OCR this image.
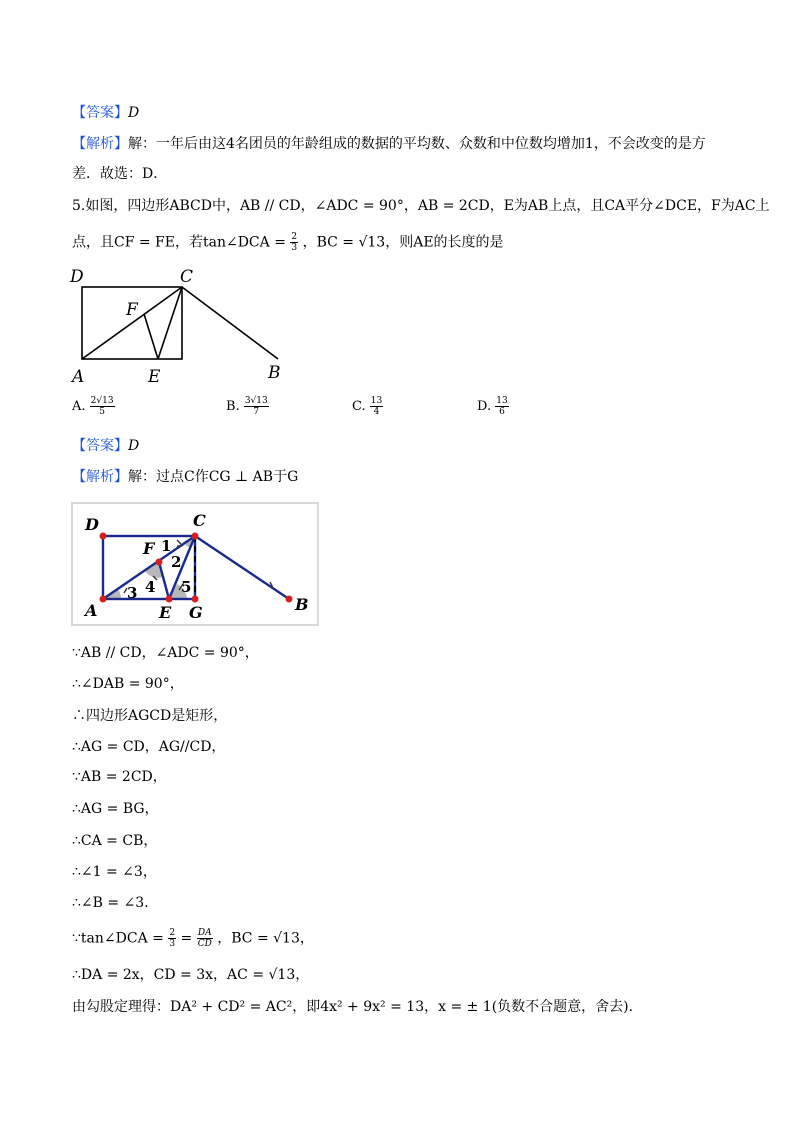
【答案】D
【解析】解：一年后由这4名团员的年龄组成的数据的平均数、众数和中位数均增加1，不会改变的是方
差．故选：D．
5.如图，四边形ABCD中，AB // CD，∠ADC = 90°，AB = 2CD，E为AB上点，且CA平分∠DCE，F为AC上
点，且CF = FE，若tan∠DCA = $\frac{2}{3}$ ，BC = √13，则AE的长度的是
D	C
F
A	E	B
A. $\frac{2√13}{5}$	B. $\frac{3√13}{7}$	C. $\frac{13}{4}$	D. $\frac{13}{6}$
【答案】D
【解析】解：过点C作CG ⊥ AB于G
D	C
F
A	E G	B
1
2
3 4 5
∵AB // CD，∠ADC = 90°，
∴∠DAB = 90°，
∴四边形AGCD是矩形，
∴AG = CD，AG//CD，
∵AB = 2CD，
∴AG = BG，
∴CA = CB，
∴∠1 = ∠3，
∴∠B = ∠3．
∵tan∠DCA = $\frac{2}{3} = \frac{DA}{CD}$ ，BC = √13，
∴DA = 2x，CD = 3x，AC = √13，
由勾股定理得：DA² + CD² = AC²，即4x² + 9x² = 13，x = ± 1(负数不合题意，舍去)．
